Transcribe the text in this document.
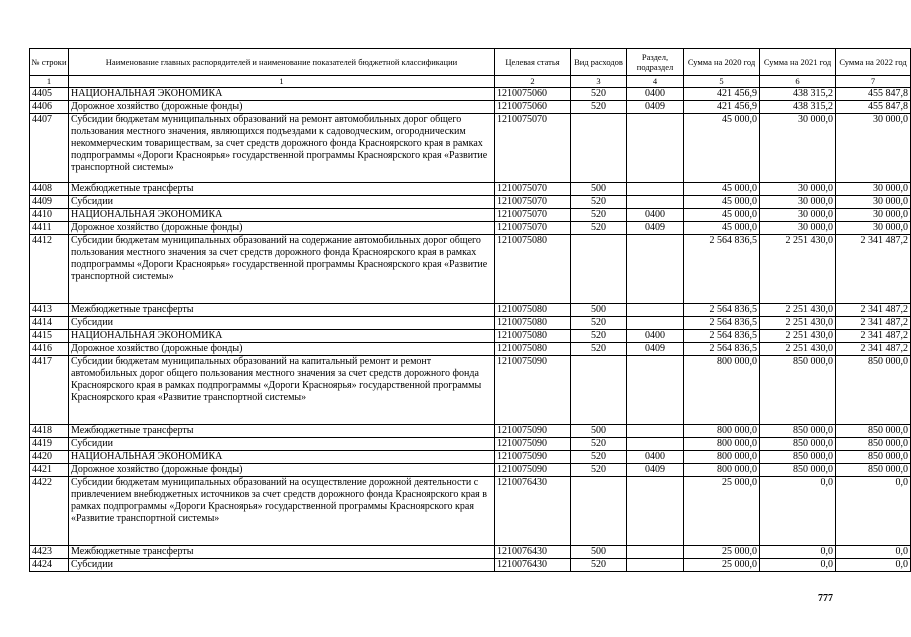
№ строки	Наименование главных распорядителей и наименование показателей бюджетной классификации	Целевая статья	Вид расходов	Раздел, подраздел	Сумма на 2020 год	Сумма на 2021 год	Сумма на 2022 год
1	1	2	3	4	5	6	7
4405	НАЦИОНАЛЬНАЯ ЭКОНОМИКА	1210075060	520	0400	421 456,9	438 315,2	455 847,8
4406	Дорожное хозяйство (дорожные фонды)	1210075060	520	0409	421 456,9	438 315,2	455 847,8
4407	Субсидии бюджетам муниципальных образований на ремонт автомобильных дорог общего пользования местного значения, являющихся подъездами к садоводческим, огородническим некоммерческим товариществам, за счет средств дорожного фонда Красноярского края в рамках подпрограммы «Дороги Красноярья» государственной программы Красноярского края «Развитие транспортной системы»	1210075070			45 000,0	30 000,0	30 000,0
4408	Межбюджетные трансферты	1210075070	500		45 000,0	30 000,0	30 000,0
4409	Субсидии	1210075070	520		45 000,0	30 000,0	30 000,0
4410	НАЦИОНАЛЬНАЯ ЭКОНОМИКА	1210075070	520	0400	45 000,0	30 000,0	30 000,0
4411	Дорожное хозяйство (дорожные фонды)	1210075070	520	0409	45 000,0	30 000,0	30 000,0
4412	Субсидии бюджетам муниципальных образований на содержание автомобильных дорог общего пользования местного значения за счет средств дорожного фонда Красноярского края в рамках подпрограммы «Дороги Красноярья» государственной программы Красноярского края «Развитие транспортной системы»	1210075080			2 564 836,5	2 251 430,0	2 341 487,2
4413	Межбюджетные трансферты	1210075080	500		2 564 836,5	2 251 430,0	2 341 487,2
4414	Субсидии	1210075080	520		2 564 836,5	2 251 430,0	2 341 487,2
4415	НАЦИОНАЛЬНАЯ ЭКОНОМИКА	1210075080	520	0400	2 564 836,5	2 251 430,0	2 341 487,2
4416	Дорожное хозяйство (дорожные фонды)	1210075080	520	0409	2 564 836,5	2 251 430,0	2 341 487,2
4417	Субсидии бюджетам муниципальных образований на капитальный ремонт и ремонт автомобильных дорог общего пользования местного значения за счет средств дорожного фонда Красноярского края в рамках подпрограммы «Дороги Красноярья» государственной программы Красноярского края «Развитие транспортной системы»	1210075090			800 000,0	850 000,0	850 000,0
4418	Межбюджетные трансферты	1210075090	500		800 000,0	850 000,0	850 000,0
4419	Субсидии	1210075090	520		800 000,0	850 000,0	850 000,0
4420	НАЦИОНАЛЬНАЯ ЭКОНОМИКА	1210075090	520	0400	800 000,0	850 000,0	850 000,0
4421	Дорожное хозяйство (дорожные фонды)	1210075090	520	0409	800 000,0	850 000,0	850 000,0
4422	Субсидии бюджетам муниципальных образований на осуществление дорожной деятельности с привлечением внебюджетных источников за счет средств дорожного фонда Красноярского края в рамках подпрограммы «Дороги Красноярья» государственной программы Красноярского края «Развитие транспортной системы»	1210076430			25 000,0	0,0	0,0
4423	Межбюджетные трансферты	1210076430	500		25 000,0	0,0	0,0
4424	Субсидии	1210076430	520		25 000,0	0,0	0,0
777
